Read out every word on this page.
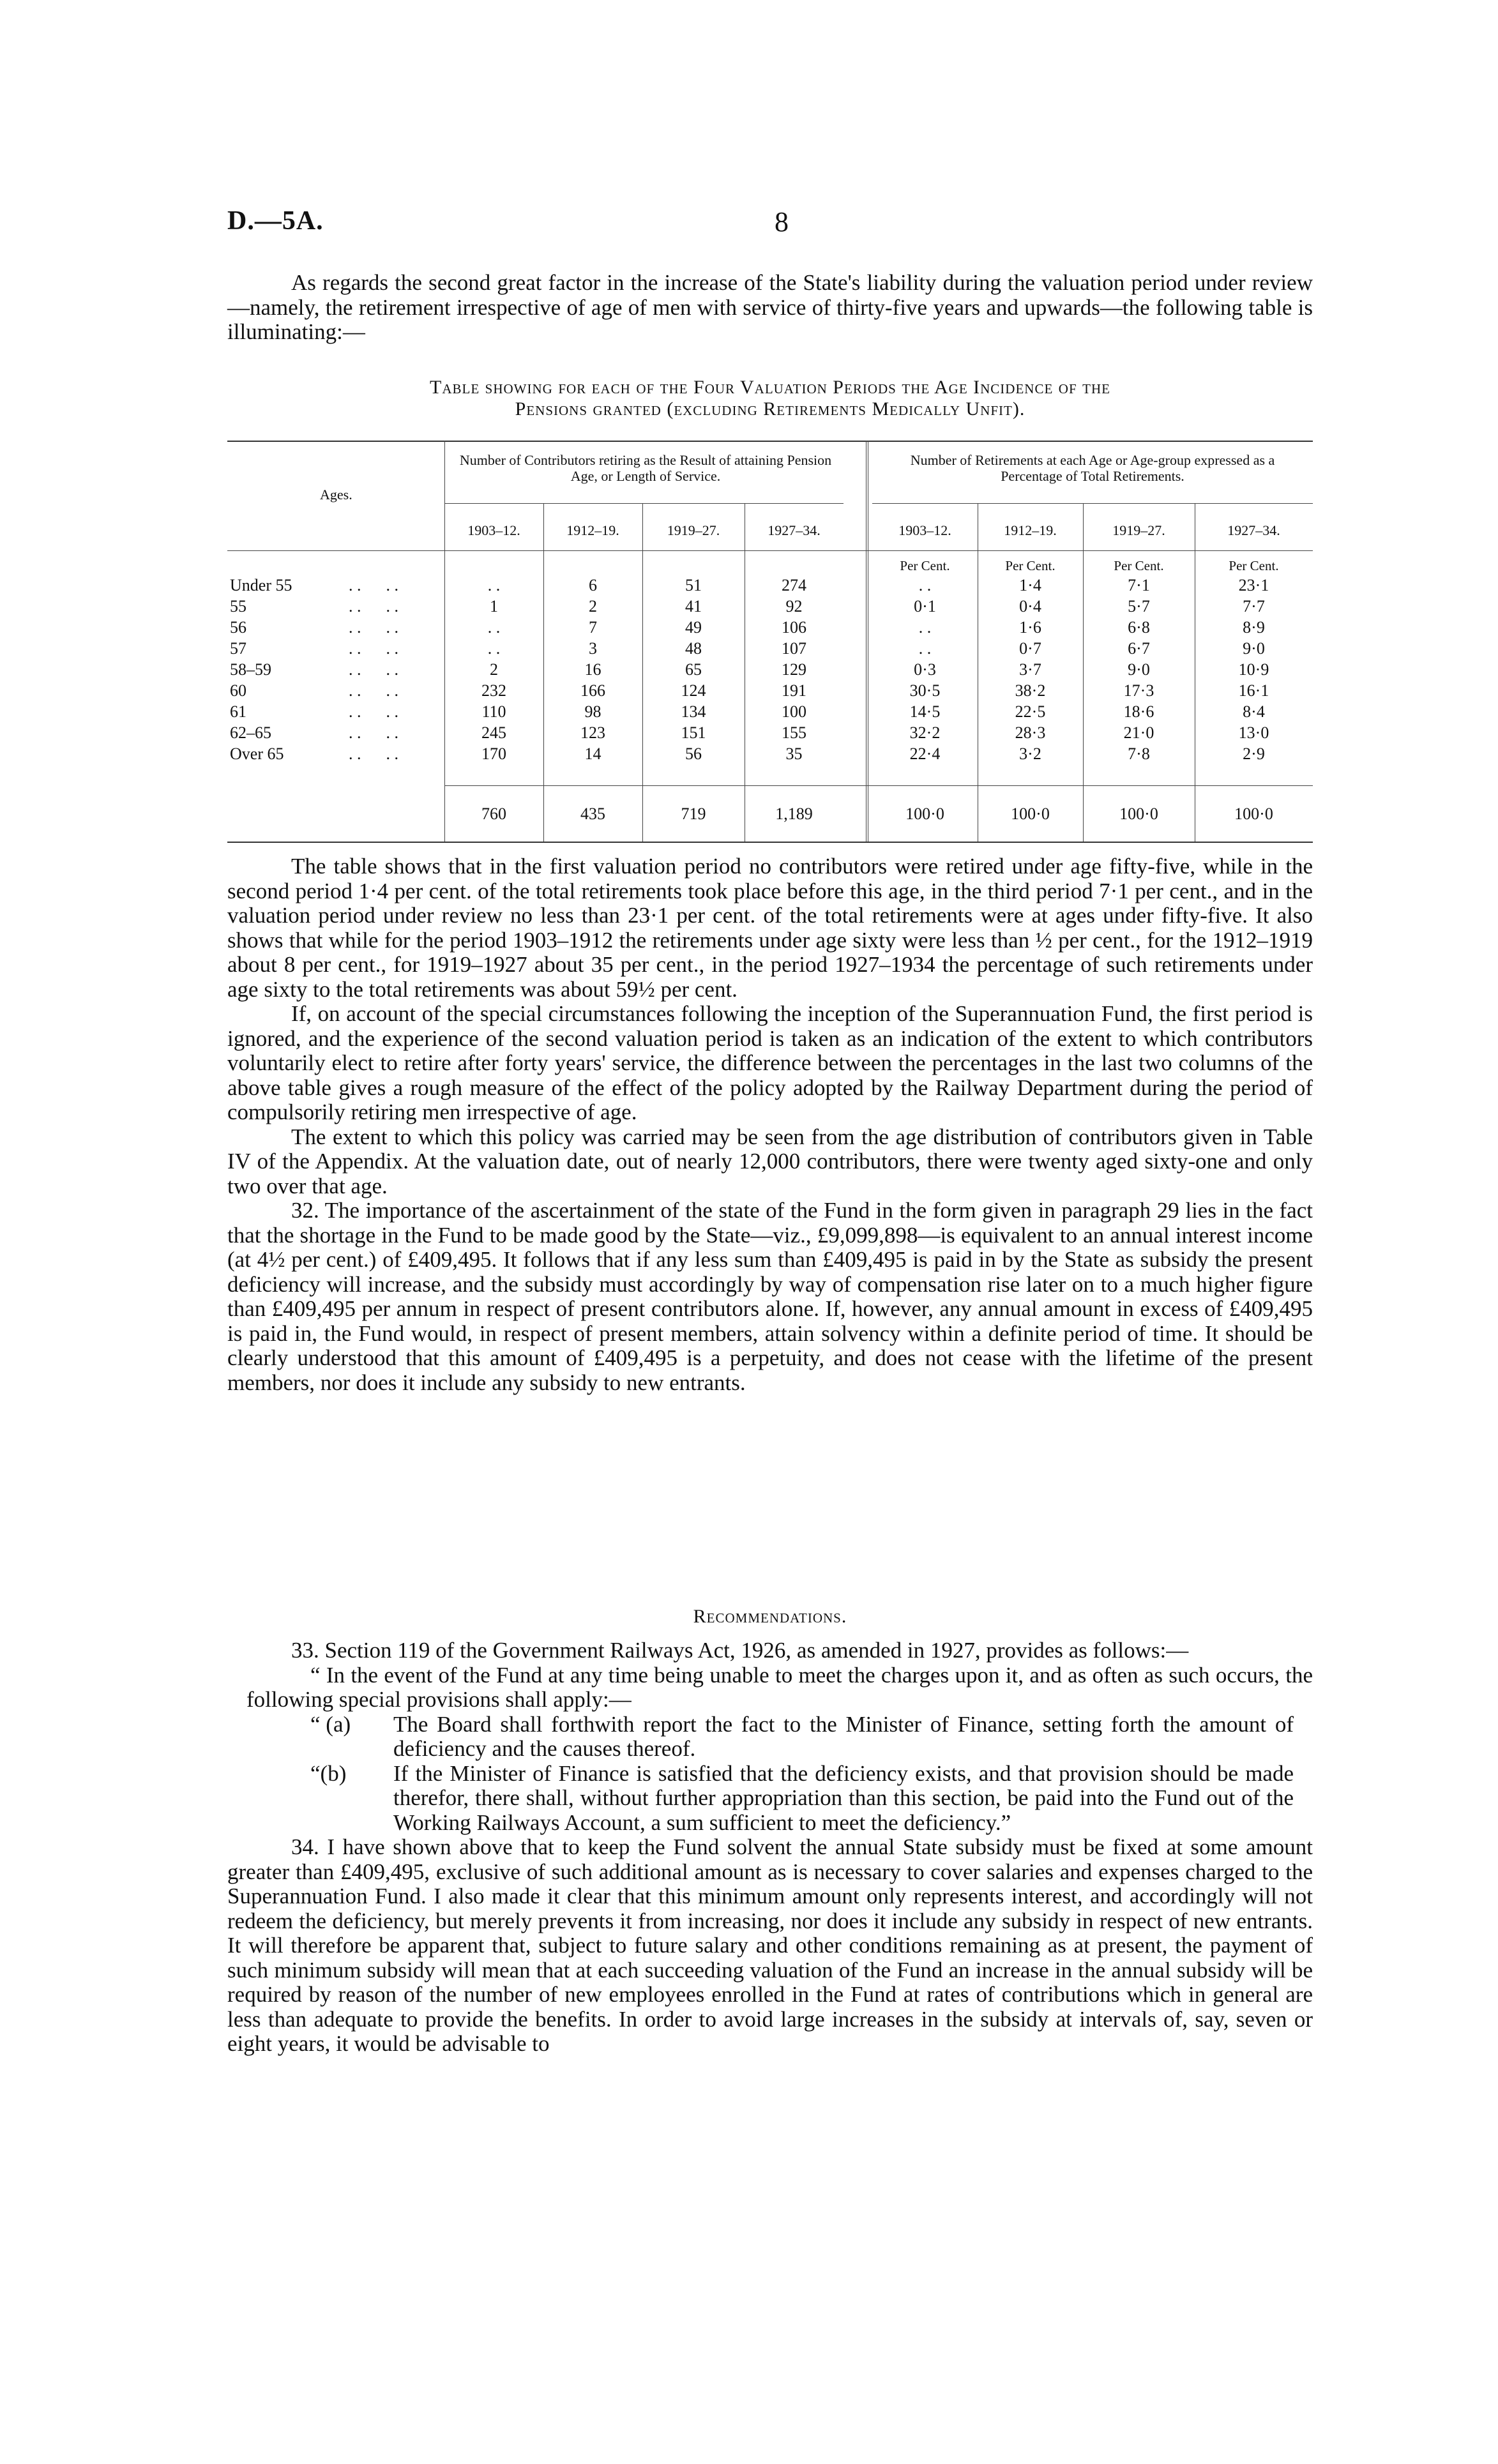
D.—5A.	8

As regards the second great factor in the increase of the State's liability during the valuation period under review—namely, the retirement irrespective of age of men with service of thirty-five years and upwards—the following table is illuminating:—

Table showing for each of the Four Valuation Periods the Age Incidence of the
Pensions granted (excluding Retirements Medically Unfit).
Ages.
Number of Contributors retiring as the Result of attaining Pension Age, or Length of Service.
Number of Retirements at each Age or Age-group expressed as a Percentage of Total Retirements.
1903–12.	1912–19.	1919–27.	1927–34.	1903–12.	1912–19.	1919–27.	1927–34.
Per Cent.	Per Cent.	Per Cent.	Per Cent.
Under 55	. .      . .	. .	6	51	274	. .	1·4	7·1	23·1
55	. .      . .	1	2	41	92	0·1	0·4	5·7	7·7
56	. .      . .	. .	7	49	106	. .	1·6	6·8	8·9
57	. .      . .	. .	3	48	107	. .	0·7	6·7	9·0
58–59	. .      . .	2	16	65	129	0·3	3·7	9·0	10·9
60	. .      . .	232	166	124	191	30·5	38·2	17·3	16·1
61	. .      . .	110	98	134	100	14·5	22·5	18·6	8·4
62–65	. .      . .	245	123	151	155	32·2	28·3	21·0	13·0
Over 65	. .      . .	170	14	56	35	22·4	3·2	7·8	2·9
760	435	719	1,189	100·0	100·0	100·0	100·0

The table shows that in the first valuation period no contributors were retired under age fifty-five, while in the second period 1·4 per cent. of the total retirements took place before this age, in the third period 7·1 per cent., and in the valuation period under review no less than 23·1 per cent. of the total retirements were at ages under fifty-five. It also shows that while for the period 1903–1912 the retirements under age sixty were less than ½ per cent., for the 1912–1919 about 8 per cent., for 1919–1927 about 35 per cent., in the period 1927–1934 the percentage of such retirements under age sixty to the total retirements was about 59½ per cent.

If, on account of the special circumstances following the inception of the Superannuation Fund, the first period is ignored, and the experience of the second valuation period is taken as an indication of the extent to which contributors voluntarily elect to retire after forty years' service, the difference between the percentages in the last two columns of the above table gives a rough measure of the effect of the policy adopted by the Railway Department during the period of compulsorily retiring men irrespective of age.

The extent to which this policy was carried may be seen from the age distribution of contributors given in Table IV of the Appendix. At the valuation date, out of nearly 12,000 contributors, there were twenty aged sixty-one and only two over that age.

32. The importance of the ascertainment of the state of the Fund in the form given in paragraph 29 lies in the fact that the shortage in the Fund to be made good by the State—viz., £9,099,898—is equivalent to an annual interest income (at 4½ per cent.) of £409,495. It follows that if any less sum than £409,495 is paid in by the State as subsidy the present deficiency will increase, and the subsidy must accordingly by way of compensation rise later on to a much higher figure than £409,495 per annum in respect of present contributors alone. If, however, any annual amount in excess of £409,495 is paid in, the Fund would, in respect of present members, attain solvency within a definite period of time. It should be clearly understood that this amount of £409,495 is a perpetuity, and does not cease with the lifetime of the present members, nor does it include any subsidy to new entrants.

Recommendations.

33. Section 119 of the Government Railways Act, 1926, as amended in 1927, provides as follows:—

“ In the event of the Fund at any time being unable to meet the charges upon it, and as often as such occurs, the following special provisions shall apply:—

“ (a)	The Board shall forthwith report the fact to the Minister of Finance, setting forth the amount of deficiency and the causes thereof.

“(b)	If the Minister of Finance is satisfied that the deficiency exists, and that provision should be made therefor, there shall, without further appropriation than this section, be paid into the Fund out of the Working Railways Account, a sum sufficient to meet the deficiency.”

34. I have shown above that to keep the Fund solvent the annual State subsidy must be fixed at some amount greater than £409,495, exclusive of such additional amount as is necessary to cover salaries and expenses charged to the Superannuation Fund. I also made it clear that this minimum amount only represents interest, and accordingly will not redeem the deficiency, but merely prevents it from increasing, nor does it include any subsidy in respect of new entrants. It will therefore be apparent that, subject to future salary and other conditions remaining as at present, the payment of such minimum subsidy will mean that at each succeeding valuation of the Fund an increase in the annual subsidy will be required by reason of the number of new employees enrolled in the Fund at rates of contributions which in general are less than adequate to provide the benefits. In order to avoid large increases in the subsidy at intervals of, say, seven or eight years, it would be advisable to
